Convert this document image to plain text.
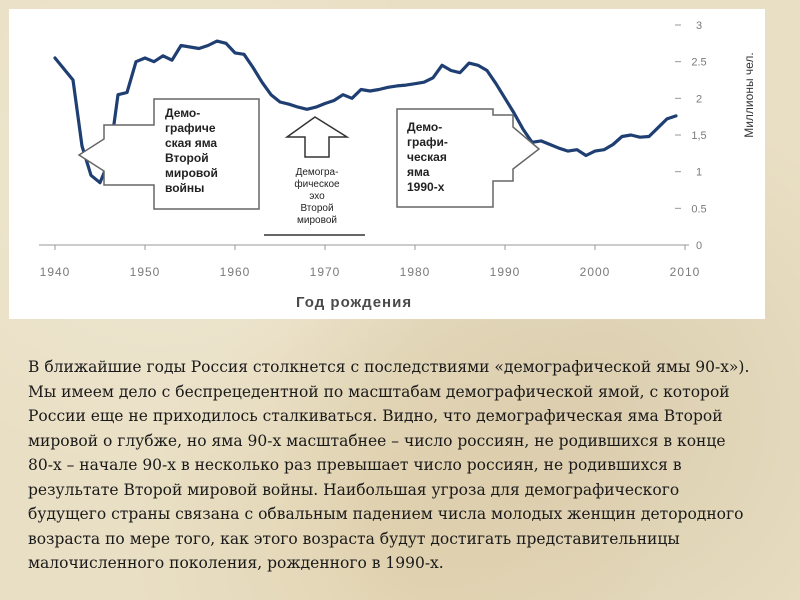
1940	1950	1960	1970	1980	1990	2000	2010
0
0.5
1
1,5
2
2.5
3
Демо-
графиче
ская яма
Второй
мировой
войны
Демогра-
фическое
эхо
Второй
мировой
Демо-
графи-
ческая
яма
1990-х
Год рождения
Миллионы чел.
В ближайшие годы Россия столкнется с последствиями «демографической ямы 90-х»).
Мы имеем дело с беспрецедентной по масштабам демографической ямой, с которой
России еще не приходилось сталкиваться. Видно, что демографическая яма Второй
мировой о глубже, но яма 90-х масштабнее – число россиян, не родившихся в конце
80-х – начале 90-х в несколько раз превышает число россиян, не родившихся в
результате Второй мировой войны. Наибольшая угроза для демографического
будущего страны связана с обвальным падением числа молодых женщин детородного
возраста по мере того, как этого возраста будут достигать представительницы
малочисленного поколения, рожденного в 1990-х.
